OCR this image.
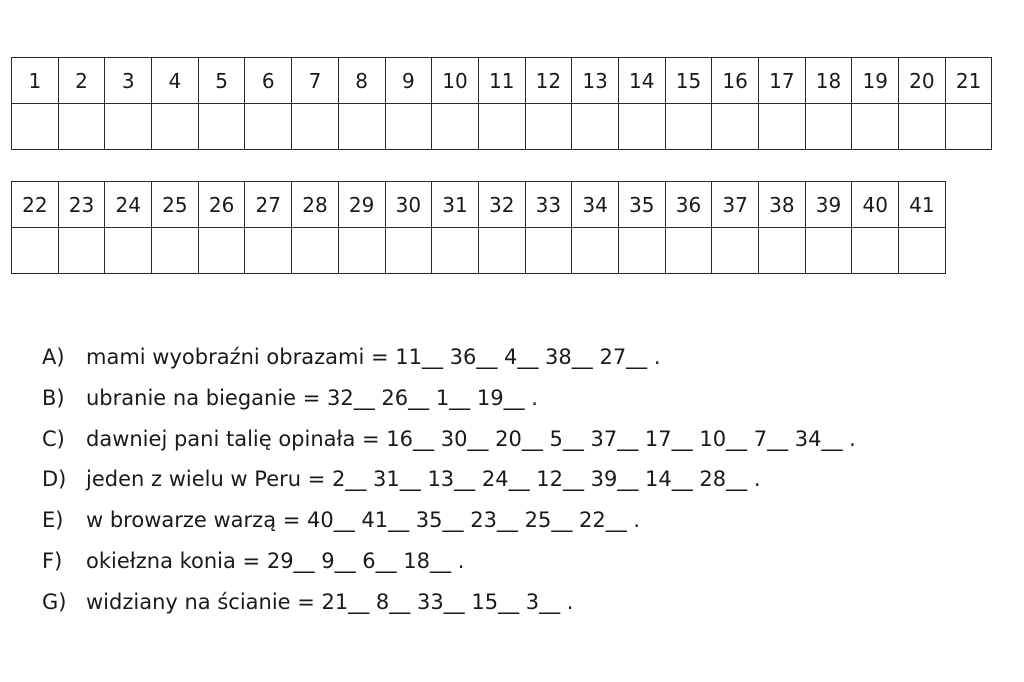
1	2	3	4	5	6	7	8	9	10	11	12	13	14	15	16	17	18	19	20	21

22	23	24	25	26	27	28	29	30	31	32	33	34	35	36	37	38	39	40	41

A) mami wyobraźni obrazami = 11__ 36__ 4__ 38__ 27__ .
B) ubranie na bieganie = 32__ 26__ 1__ 19__ .
C) dawniej pani talię opinała = 16__ 30__ 20__ 5__ 37__ 17__ 10__ 7__ 34__ .
D) jeden z wielu w Peru = 2__ 31__ 13__ 24__ 12__ 39__ 14__ 28__ .
E) w browarze warzą = 40__ 41__ 35__ 23__ 25__ 22__ .
F) okiełzna konia = 29__ 9__ 6__ 18__ .
G) widziany na ścianie = 21__ 8__ 33__ 15__ 3__ .
